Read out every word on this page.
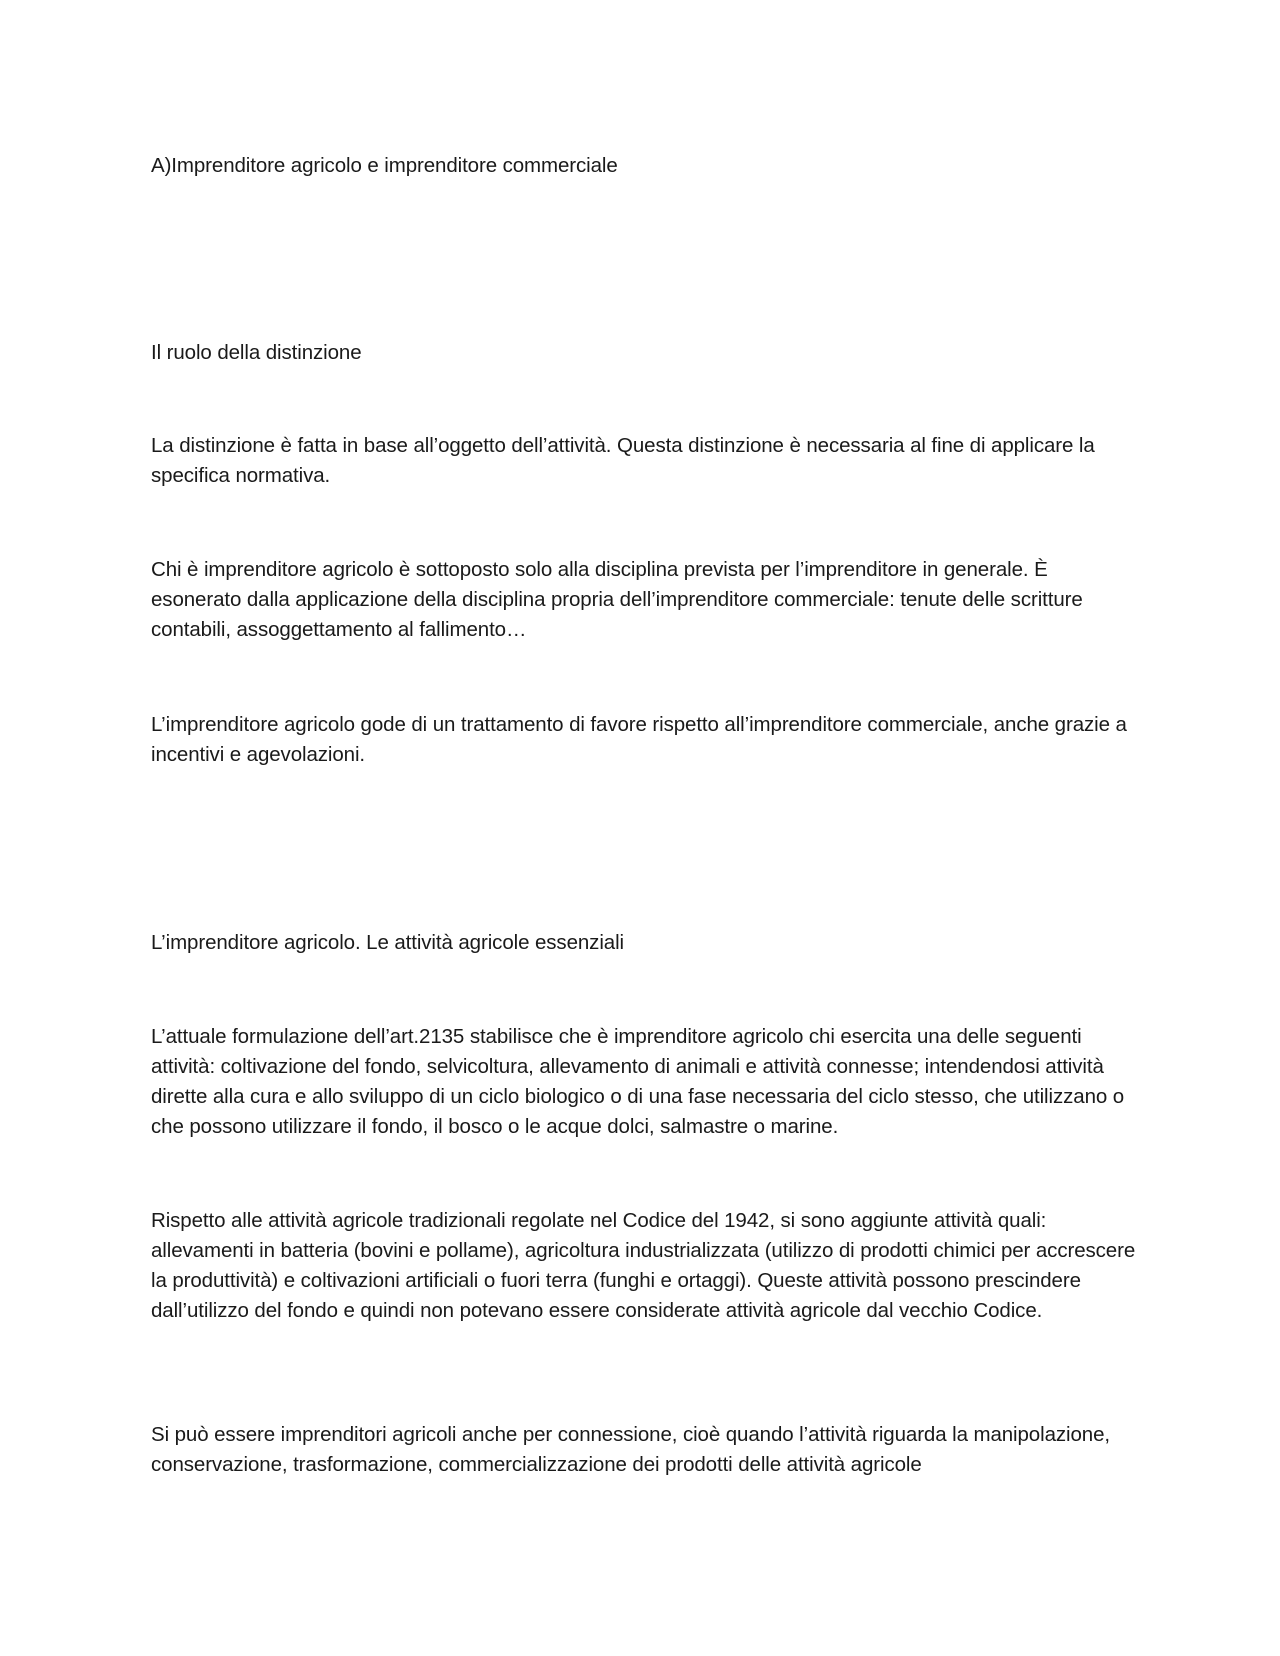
A)Imprenditore agricolo e imprenditore commerciale

Il ruolo della distinzione

La distinzione è fatta in base all’oggetto dell’attività. Questa distinzione è necessaria al fine di applicare la specifica normativa.

Chi è imprenditore agricolo è sottoposto solo alla disciplina prevista per l’imprenditore in generale. È esonerato dalla applicazione della disciplina propria dell’imprenditore commerciale: tenute delle scritture contabili, assoggettamento al fallimento…

L’imprenditore agricolo gode di un trattamento di favore rispetto all’imprenditore commerciale, anche grazie a incentivi e agevolazioni.

L’imprenditore agricolo. Le attività agricole essenziali

L’attuale formulazione dell’art.2135 stabilisce che è imprenditore agricolo chi esercita una delle seguenti attività: coltivazione del fondo, selvicoltura, allevamento di animali e attività connesse; intendendosi attività dirette alla cura e allo sviluppo di un ciclo biologico o di una fase necessaria del ciclo stesso, che utilizzano o che possono utilizzare il fondo, il bosco o le acque dolci, salmastre o marine.

Rispetto alle attività agricole tradizionali regolate nel Codice del 1942, si sono aggiunte attività quali: allevamenti in batteria (bovini e pollame), agricoltura industrializzata (utilizzo di prodotti chimici per accrescere la produttività) e coltivazioni artificiali o fuori terra (funghi e ortaggi). Queste attività possono prescindere dall’utilizzo del fondo e quindi non potevano essere considerate attività agricole dal vecchio Codice.

Si può essere imprenditori agricoli anche per connessione, cioè quando l’attività riguarda la manipolazione, conservazione, trasformazione, commercializzazione dei prodotti delle attività agricole
